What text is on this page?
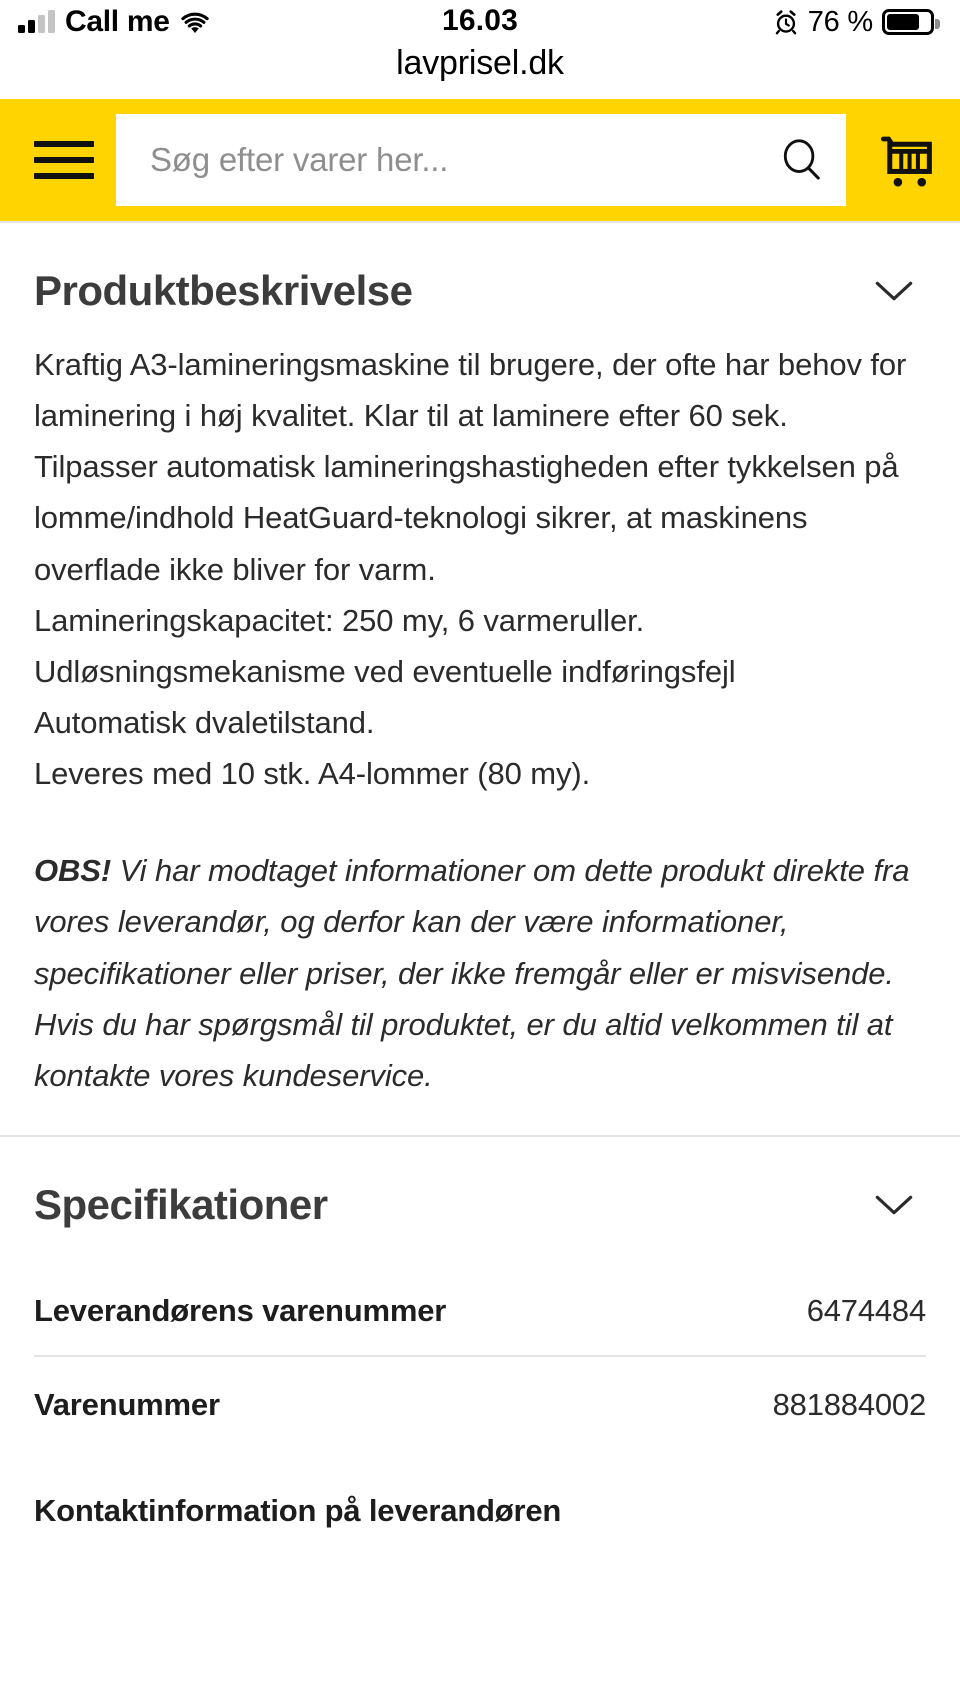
Call me	16.03	76 %
lavprisel.dk
Søg efter varer her...
Produktbeskrivelse

Kraftig A3-lamineringsmaskine til brugere, der ofte har behov for laminering i høj kvalitet. Klar til at laminere efter 60 sek.

Tilpasser automatisk lamineringshastigheden efter tykkelsen på lomme/indhold HeatGuard-teknologi sikrer, at maskinens overflade ikke bliver for varm.

Lamineringskapacitet: 250 my, 6 varmeruller.

Udløsningsmekanisme ved eventuelle indføringsfejl

Automatisk dvaletilstand.

Leveres med 10 stk. A4-lommer (80 my).

OBS! Vi har modtaget informationer om dette produkt direkte fra vores leverandør, og derfor kan der være informationer, specifikationer eller priser, der ikke fremgår eller er misvisende. Hvis du har spørgsmål til produktet, er du altid velkommen til at kontakte vores kundeservice.
Specifikationer
Leverandørens varenummer	6474484
Varenummer	881884002
Kontaktinformation på leverandøren
